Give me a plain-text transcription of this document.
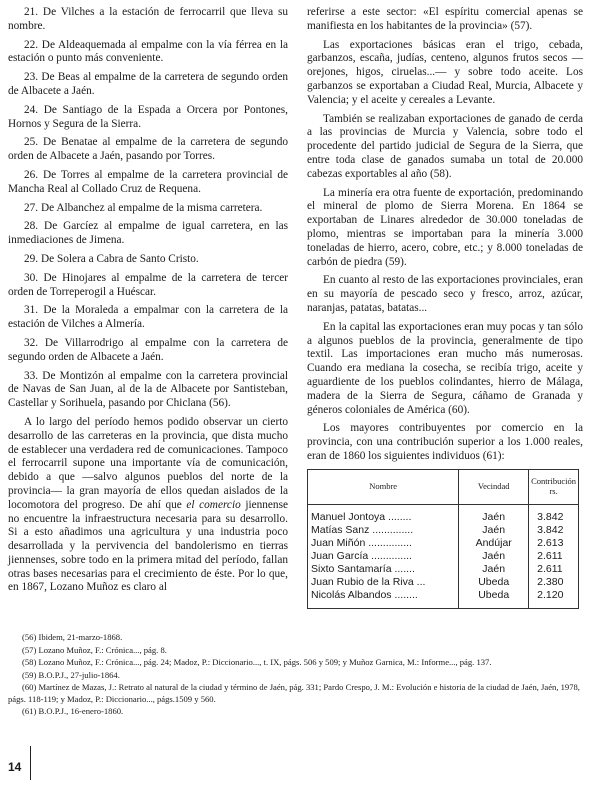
21. De Vilches a la estación de ferrocarril que lleva su nombre.

22. De Aldeaquemada al empalme con la vía férrea en la estación o punto más conveniente.

23. De Beas al empalme de la carretera de segundo orden de Albacete a Jaén.

24. De Santiago de la Espada a Orcera por Pontones, Hornos y Segura de la Sierra.

25. De Benatae al empalme de la carretera de segundo orden de Albacete a Jaén, pasando por Torres.

26. De Torres al empalme de la carretera provincial de Mancha Real al Collado Cruz de Requena.

27. De Albanchez al empalme de la misma carretera.

28. De Garcíez al empalme de igual carretera, en las inmediaciones de Jimena.

29. De Solera a Cabra de Santo Cristo.

30. De Hinojares al empalme de la carretera de tercer orden de Torreperogil a Huéscar.

31. De la Moraleda a empalmar con la carretera de la estación de Vilches a Almería.

32. De Villarrodrigo al empalme con la carretera de segundo orden de Albacete a Jaén.

33. De Montizón al empalme con la carretera provincial de Navas de San Juan, al de la de Albacete por Santisteban, Castellar y Sorihuela, pasando por Chiclana (56).

A lo largo del período hemos podido observar un cierto desarrollo de las carreteras en la provincia, que dista mucho de establecer una verdadera red de comunicaciones. Tampoco el ferrocarril supone una importante vía de comunicación, debido a que —salvo algunos pueblos del norte de la provincia— la gran mayoría de ellos quedan aislados de la locomotora del progreso. De ahí que el comercio jiennense no encuentre la infraestructura necesaria para su desarrollo. Si a esto añadimos una agricultura y una industria poco desarrollada y la pervivencia del bandolerismo en tierras jiennenses, sobre todo en la primera mitad del período, fallan otras bases necesarias para el crecimiento de éste. Por lo que, en 1867, Lozano Muñoz es claro al

referirse a este sector: «El espíritu comercial apenas se manifiesta en los habitantes de la provincia» (57).

Las exportaciones básicas eran el trigo, cebada, garbanzos, escaña, judías, centeno, algunos frutos secos —orejones, higos, ciruelas...— y sobre todo aceite. Los garbanzos se exportaban a Ciudad Real, Murcia, Albacete y Valencia; y el aceite y cereales a Levante.

También se realizaban exportaciones de ganado de cerda a las provincias de Murcia y Valencia, sobre todo el procedente del partido judicial de Segura de la Sierra, que entre toda clase de ganados sumaba un total de 20.000 cabezas exportables al año (58).

La minería era otra fuente de exportación, predominando el mineral de plomo de Sierra Morena. En 1864 se exportaban de Linares alrededor de 30.000 toneladas de plomo, mientras se importaban para la minería 3.000 toneladas de hierro, acero, cobre, etc.; y 8.000 toneladas de carbón de piedra (59).

En cuanto al resto de las exportaciones provinciales, eran en su mayoría de pescado seco y fresco, arroz, azúcar, naranjas, patatas, batatas...

En la capital las exportaciones eran muy pocas y tan sólo a algunos pueblos de la provincia, generalmente de tipo textil. Las importaciones eran mucho más numerosas. Cuando era mediana la cosecha, se recibía trigo, aceite y aguardiente de los pueblos colindantes, hierro de Málaga, madera de la Sierra de Segura, cáñamo de Granada y géneros coloniales de América (60).

Los mayores contribuyentes por comercio en la provincia, con una contribución superior a los 1.000 reales, eran de 1860 los siguientes individuos (61):

Nombre	Vecindad	Contribución rs.
Manuel Jontoya ........	Jaén	3.842
Matías Sanz ..............	Jaén	3.842
Juan Miñón ...............	Andújar	2.613
Juan García ..............	Jaén	2.611
Sixto Santamaría .......	Jaén	2.611
Juan Rubio de la Riva ...	Ubeda	2.380
Nicolás Albandos ........	Ubeda	2.120

(56) Ibidem, 21-marzo-1868.

(57) Lozano Muñoz, F.: Crónica..., pág. 8.

(58) Lozano Muñoz, F.: Crónica..., pág. 24; Madoz, P.: Diccionario..., t. IX, págs. 506 y 509; y Muñoz Garnica, M.: Informe..., pág. 137.

(59) B.O.P.J., 27-julio-1864.

(60) Martínez de Mazas, J.: Retrato al natural de la ciudad y término de Jaén, pág. 331; Pardo Crespo, J. M.: Evolución e historia de la ciudad de Jaén, Jaén, 1978, págs. 118-119; y Madoz, P.: Diccionario..., págs.1509 y 560.

(61) B.O.P.J., 16-enero-1860.

14
